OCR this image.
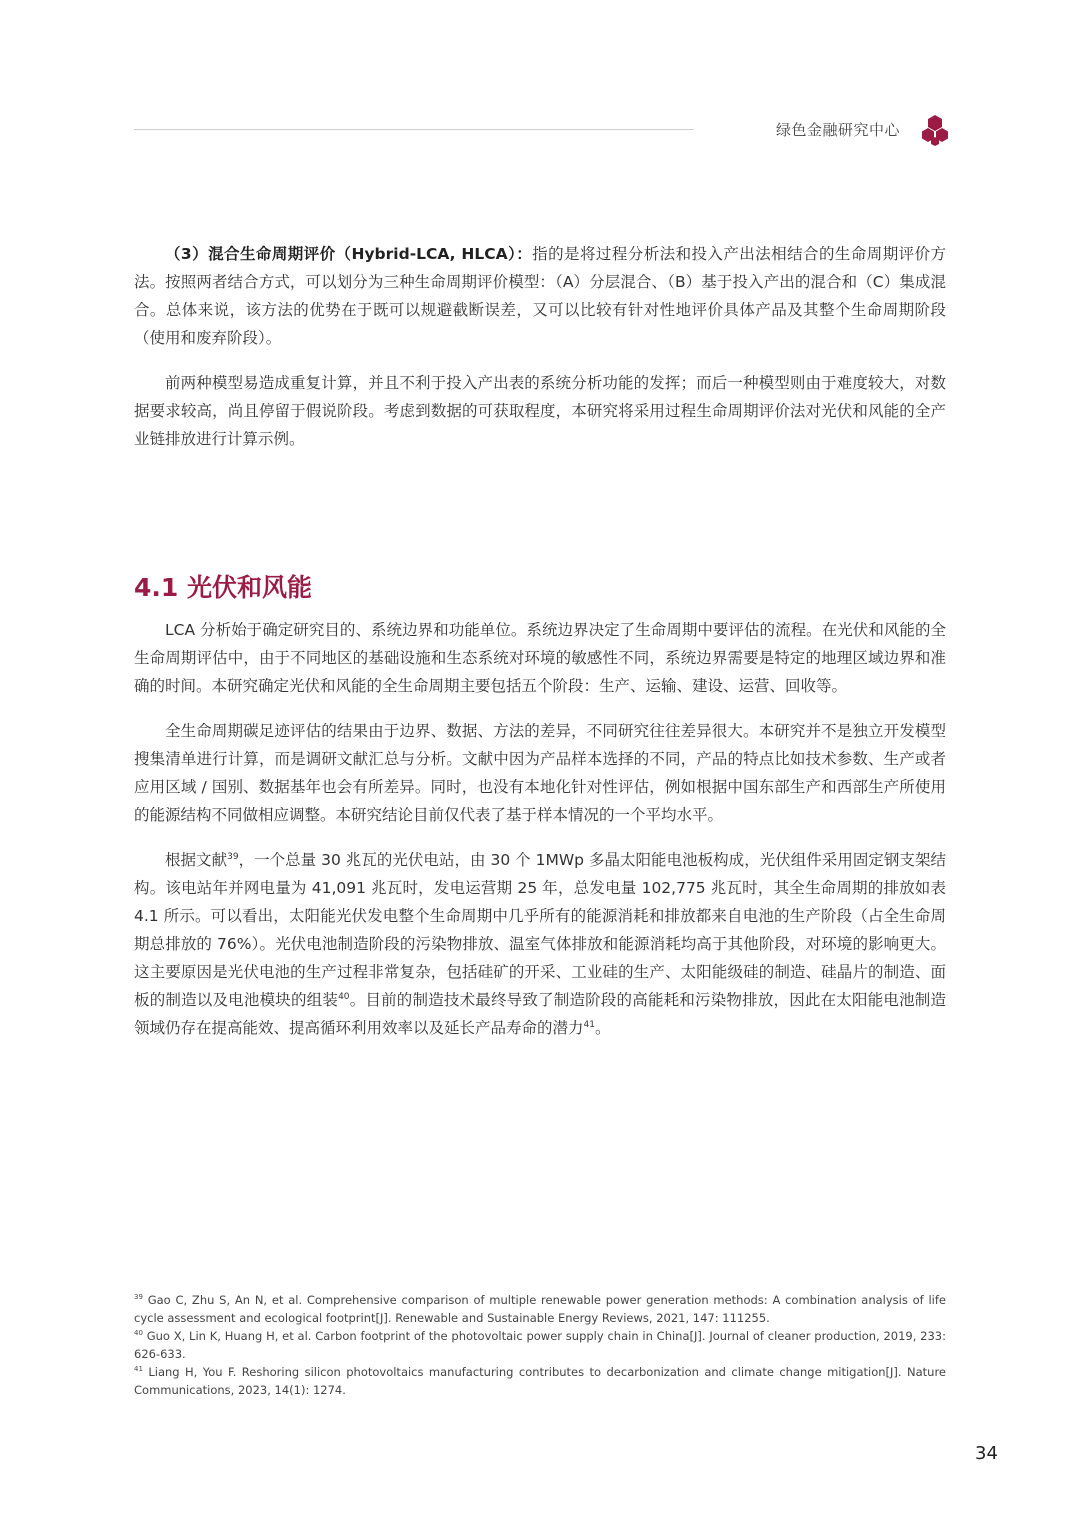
绿色金融研究中心

（3）混合生命周期评价（Hybrid-LCA, HLCA）：指的是将过程分析法和投入产出法相结合的生命周期评价方法。按照两者结合方式，可以划分为三种生命周期评价模型：（A）分层混合、（B）基于投入产出的混合和（C）集成混合。总体来说，该方法的优势在于既可以规避截断误差，又可以比较有针对性地评价具体产品及其整个生命周期阶段（使用和废弃阶段）。

前两种模型易造成重复计算，并且不利于投入产出表的系统分析功能的发挥；而后一种模型则由于难度较大，对数据要求较高，尚且停留于假说阶段。考虑到数据的可获取程度，本研究将采用过程生命周期评价法对光伏和风能的全产业链排放进行计算示例。

4.1 光伏和风能

LCA 分析始于确定研究目的、系统边界和功能单位。系统边界决定了生命周期中要评估的流程。在光伏和风能的全生命周期评估中，由于不同地区的基础设施和生态系统对环境的敏感性不同，系统边界需要是特定的地理区域边界和准确的时间。本研究确定光伏和风能的全生命周期主要包括五个阶段：生产、运输、建设、运营、回收等。

全生命周期碳足迹评估的结果由于边界、数据、方法的差异，不同研究往往差异很大。本研究并不是独立开发模型搜集清单进行计算，而是调研文献汇总与分析。文献中因为产品样本选择的不同，产品的特点比如技术参数、生产或者应用区域 / 国别、数据基年也会有所差异。同时，也没有本地化针对性评估，例如根据中国东部生产和西部生产所使用的能源结构不同做相应调整。本研究结论目前仅代表了基于样本情况的一个平均水平。

根据文献$^{39}$，一个总量 30 兆瓦的光伏电站，由 30 个 1MWp 多晶太阳能电池板构成，光伏组件采用固定钢支架结构。该电站年并网电量为 41,091 兆瓦时，发电运营期 25 年，总发电量 102,775 兆瓦时，其全生命周期的排放如表 4.1 所示。可以看出，太阳能光伏发电整个生命周期中几乎所有的能源消耗和排放都来自电池的生产阶段（占全生命周期总排放的 76%）。光伏电池制造阶段的污染物排放、温室气体排放和能源消耗均高于其他阶段，对环境的影响更大。这主要原因是光伏电池的生产过程非常复杂，包括硅矿的开采、工业硅的生产、太阳能级硅的制造、硅晶片的制造、面板的制造以及电池模块的组装$^{40}$。目前的制造技术最终导致了制造阶段的高能耗和污染物排放，因此在太阳能电池制造领域仍存在提高能效、提高循环利用效率以及延长产品寿命的潜力$^{41}$。

$^{39}$ Gao C, Zhu S, An N, et al. Comprehensive comparison of multiple renewable power generation methods: A combination analysis of life cycle assessment and ecological footprint[J]. Renewable and Sustainable Energy Reviews, 2021, 147: 111255.

$^{40}$ Guo X, Lin K, Huang H, et al. Carbon footprint of the photovoltaic power supply chain in China[J]. Journal of cleaner production, 2019, 233: 626-633.

$^{41}$ Liang H, You F. Reshoring silicon photovoltaics manufacturing contributes to decarbonization and climate change mitigation[J]. Nature Communications, 2023, 14(1): 1274.

34
